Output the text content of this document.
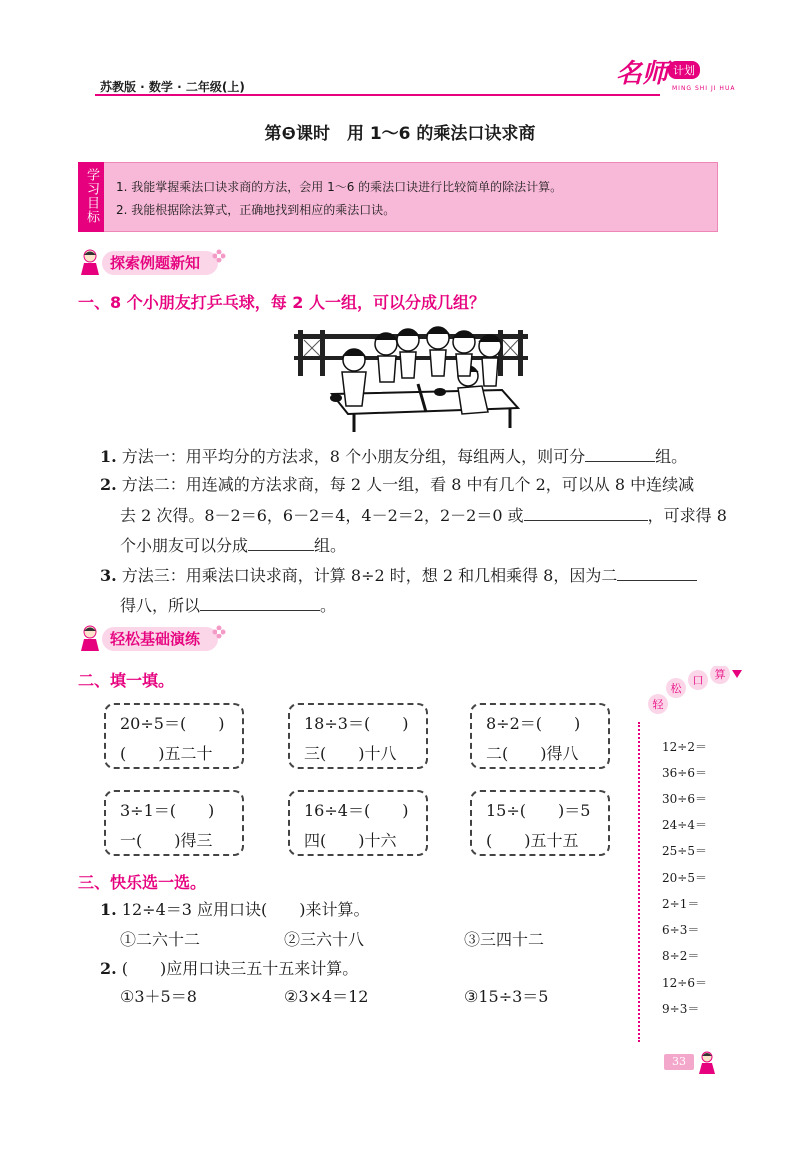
苏教版 · 数学 · 二年级(上)	名师 计划
MING SHI JI HUA
第❺课时　用 1～6 的乘法口诀求商
学习目标 1. 我能掌握乘法口诀求商的方法，会用 1～6 的乘法口诀进行比较简单的除法计算。
2. 我能根据除法算式，正确地找到相应的乘法口诀。
探索例题新知
一、8 个小朋友打乒乓球，每 2 人一组，可以分成几组？
1. 方法一：用平均分的方法求，8 个小朋友分组，每组两人，则可分	组。
2. 方法二：用连减的方法求商，每 2 人一组，看 8 中有几个 2，可以从 8 中连续减
去 2 次得。8－2＝6，6－2＝4，4－2＝2，2－2＝0 或	，可求得 8
个小朋友可以分成	组。
3. 方法三：用乘法口诀求商，计算 8÷2 时，想 2 和几相乘得 8，因为二
得八，所以	。
轻松基础演练
二、填一填。
20÷5＝(　　)
(　　)五二十
18÷3＝(　　)
三(　　)十八
8÷2＝(　　)
二(　　)得八
3÷1＝(　　)
一(　　)得三
16÷4＝(　　)
四(　　)十六
15÷(　　)＝5
(　　)五十五
三、快乐选一选。
1. 12÷4＝3 应用口诀(　　)来计算。
①二六十二	②三六十八	③三四十二
2. (　　)应用口诀三五十五来计算。
①3＋5＝8	②3×4＝12	③15÷3＝5
轻
松
口 算
12÷2＝
36÷6＝
30÷6＝
24÷4＝
25÷5＝
20÷5＝
2÷1＝
6÷3＝
8÷2＝
12÷6＝
9÷3＝
33
